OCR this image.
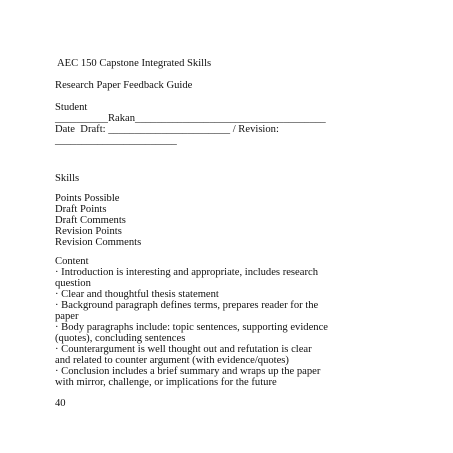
AEC 150 Capstone Integrated Skills
Research Paper Feedback Guide
Student
__________Rakan____________________________________
Date  Draft: _______________________ / Revision:
_______________________
Skills
Points Possible
Draft Points
Draft Comments
Revision Points
Revision Comments
Content
· Introduction is interesting and appropriate, includes research
question
· Clear and thoughtful thesis statement
· Background paragraph defines terms, prepares reader for the
paper
· Body paragraphs include: topic sentences, supporting evidence
(quotes), concluding sentences
· Counterargument is well thought out and refutation is clear
and related to counter argument (with evidence/quotes)
· Conclusion includes a brief summary and wraps up the paper
with mirror, challenge, or implications for the future
40
